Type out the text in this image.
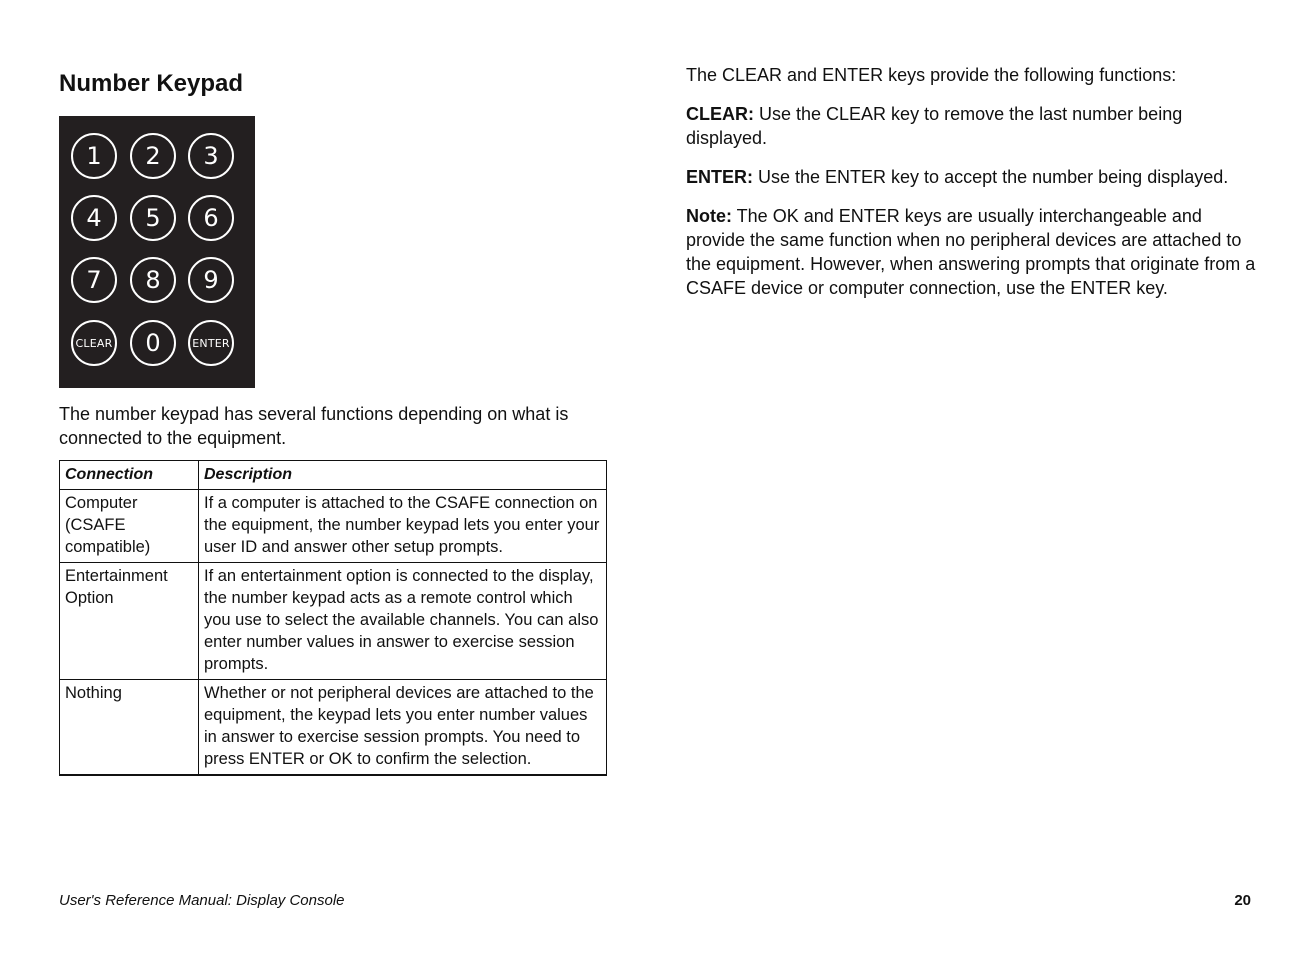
Number Keypad
1	2	3
4	5	6
7	8	9
CLEAR	0	ENTER

The number keypad has several functions depending on what is connected to the equipment.

Connection	Description
Computer (CSAFE compatible)	If a computer is attached to the CSAFE connection on the equipment, the number keypad lets you enter your user ID and answer other setup prompts.
Entertainment Option	If an entertainment option is connected to the display, the number keypad acts as a remote control which you use to select the available channels. You can also enter number values in answer to exercise session prompts.
Nothing	Whether or not peripheral devices are attached to the equipment, the keypad lets you enter number values in answer to exercise session prompts. You need to press ENTER or OK to confirm the selection.

The CLEAR and ENTER keys provide the following functions:

CLEAR: Use the CLEAR key to remove the last number being displayed.

ENTER: Use the ENTER key to accept the number being displayed.

Note: The OK and ENTER keys are usually interchangeable and provide the same function when no peripheral devices are attached to the equipment. However, when answering prompts that originate from a CSAFE device or computer connection, use the ENTER key.

User's Reference Manual: Display Console	20
